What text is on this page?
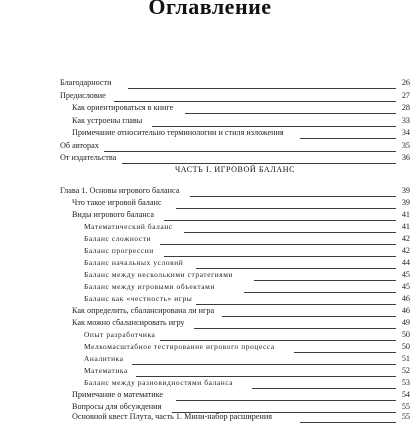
Оглавление
Благодарности	26
Предисловие	27
Как ориентироваться в книге	28
Как устроены главы	33
Примечание относительно терминологии и стиля изложения	34
Об авторах	35
От издательства	36
ЧАСТЬ I. ИГРОВОЙ БАЛАНС
Глава 1. Основы игрового баланса	39
Что такое игровой баланс	39
Виды игрового баланса	41
Математический баланс	41
Баланс сложности	42
Баланс прогрессии	42
Баланс начальных условий	44
Баланс между несколькими стратегиями	45
Баланс между игровыми объектами	45
Баланс как «честность» игры	46
Как определить, сбалансирована ли игра	46
Как можно сбалансировать игру	49
Опыт разработчика	50
Мелкомасштабное тестирование игрового процесса	50
Аналитика	51
Математика	52
Баланс между разновидностями баланса	53
Примечание о математике	54
Вопросы для обсуждения	55
Основной квест Плута, часть 1. Мини-набор расширения	55
